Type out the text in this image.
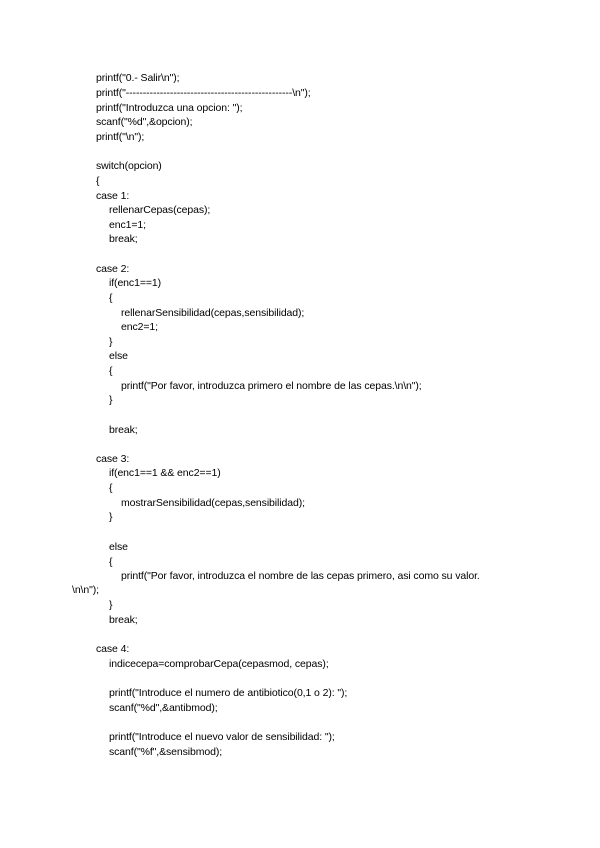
printf("0.- Salir\n");
printf("-------------------------------------------------\n");
printf("Introduzca una opcion: ");
scanf("%d",&opcion);
printf("\n");
switch(opcion)
{
case 1:
rellenarCepas(cepas);
enc1=1;
break;
case 2:
if(enc1==1)
{
rellenarSensibilidad(cepas,sensibilidad);
enc2=1;
}
else
{
printf("Por favor, introduzca primero el nombre de las cepas.\n\n");
}
break;
case 3:
if(enc1==1 && enc2==1)
{
mostrarSensibilidad(cepas,sensibilidad);
}
else
{
printf("Por favor, introduzca el nombre de las cepas primero, asi como su valor.
\n\n");
}
break;
case 4:
indicecepa=comprobarCepa(cepasmod, cepas);
printf("Introduce el numero de antibiotico(0,1 o 2): ");
scanf("%d",&antibmod);
printf("Introduce el nuevo valor de sensibilidad: ");
scanf("%f",&sensibmod);
